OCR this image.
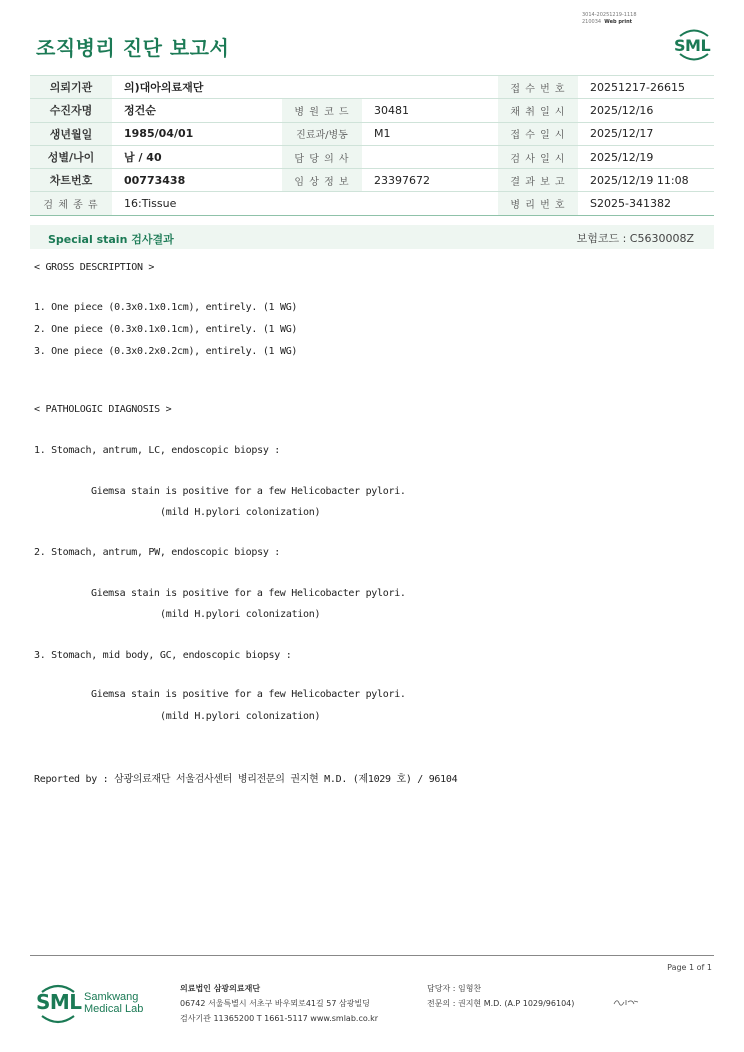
3014-20251219-1118
210034 Web print
조직병리 진단 보고서	SML
의뢰기관	의)대아의료재단			접 수 번 호	20251217-26615
수진자명	정건순	병 원 코 드	30481	채 취 일 시	2025/12/16
생년월일	1985/04/01	진료과/병동	M1	접 수 일 시	2025/12/17
성별/나이	남 / 40	담 당 의 사		검 사 일 시	2025/12/19
차트번호	00773438	임 상 정 보	23397672	결 과 보 고	2025/12/19 11:08
검 체 종 류	16:Tissue			병 리 번 호	S2025-341382
Special stain 검사결과	보험코드 : C5630008Z
< GROSS DESCRIPTION >
1. One piece (0.3x0.1x0.1cm), entirely. (1 WG)
2. One piece (0.3x0.1x0.1cm), entirely. (1 WG)
3. One piece (0.3x0.2x0.2cm), entirely. (1 WG)
< PATHOLOGIC DIAGNOSIS >
1. Stomach, antrum, LC, endoscopic biopsy :
Giemsa stain is positive for a few Helicobacter pylori.
(mild H.pylori colonization)
2. Stomach, antrum, PW, endoscopic biopsy :
Giemsa stain is positive for a few Helicobacter pylori.
(mild H.pylori colonization)
3. Stomach, mid body, GC, endoscopic biopsy :
Giemsa stain is positive for a few Helicobacter pylori.
(mild H.pylori colonization)
Reported by : 삼광의료재단 서울검사센터 병리전문의 권지현 M.D. (제1029 호) / 96104
Page 1 of 1
SML Samkwang
Medical Lab
의료법인 삼광의료재단
06742 서울특별시 서초구 바우뫼로41길 57 삼광빌딩
검사기관 11365200 T 1661-5117 www.smlab.co.kr
담당자 : 임형찬
전문의 : 권지현 M.D. (A.P 1029/96104)
